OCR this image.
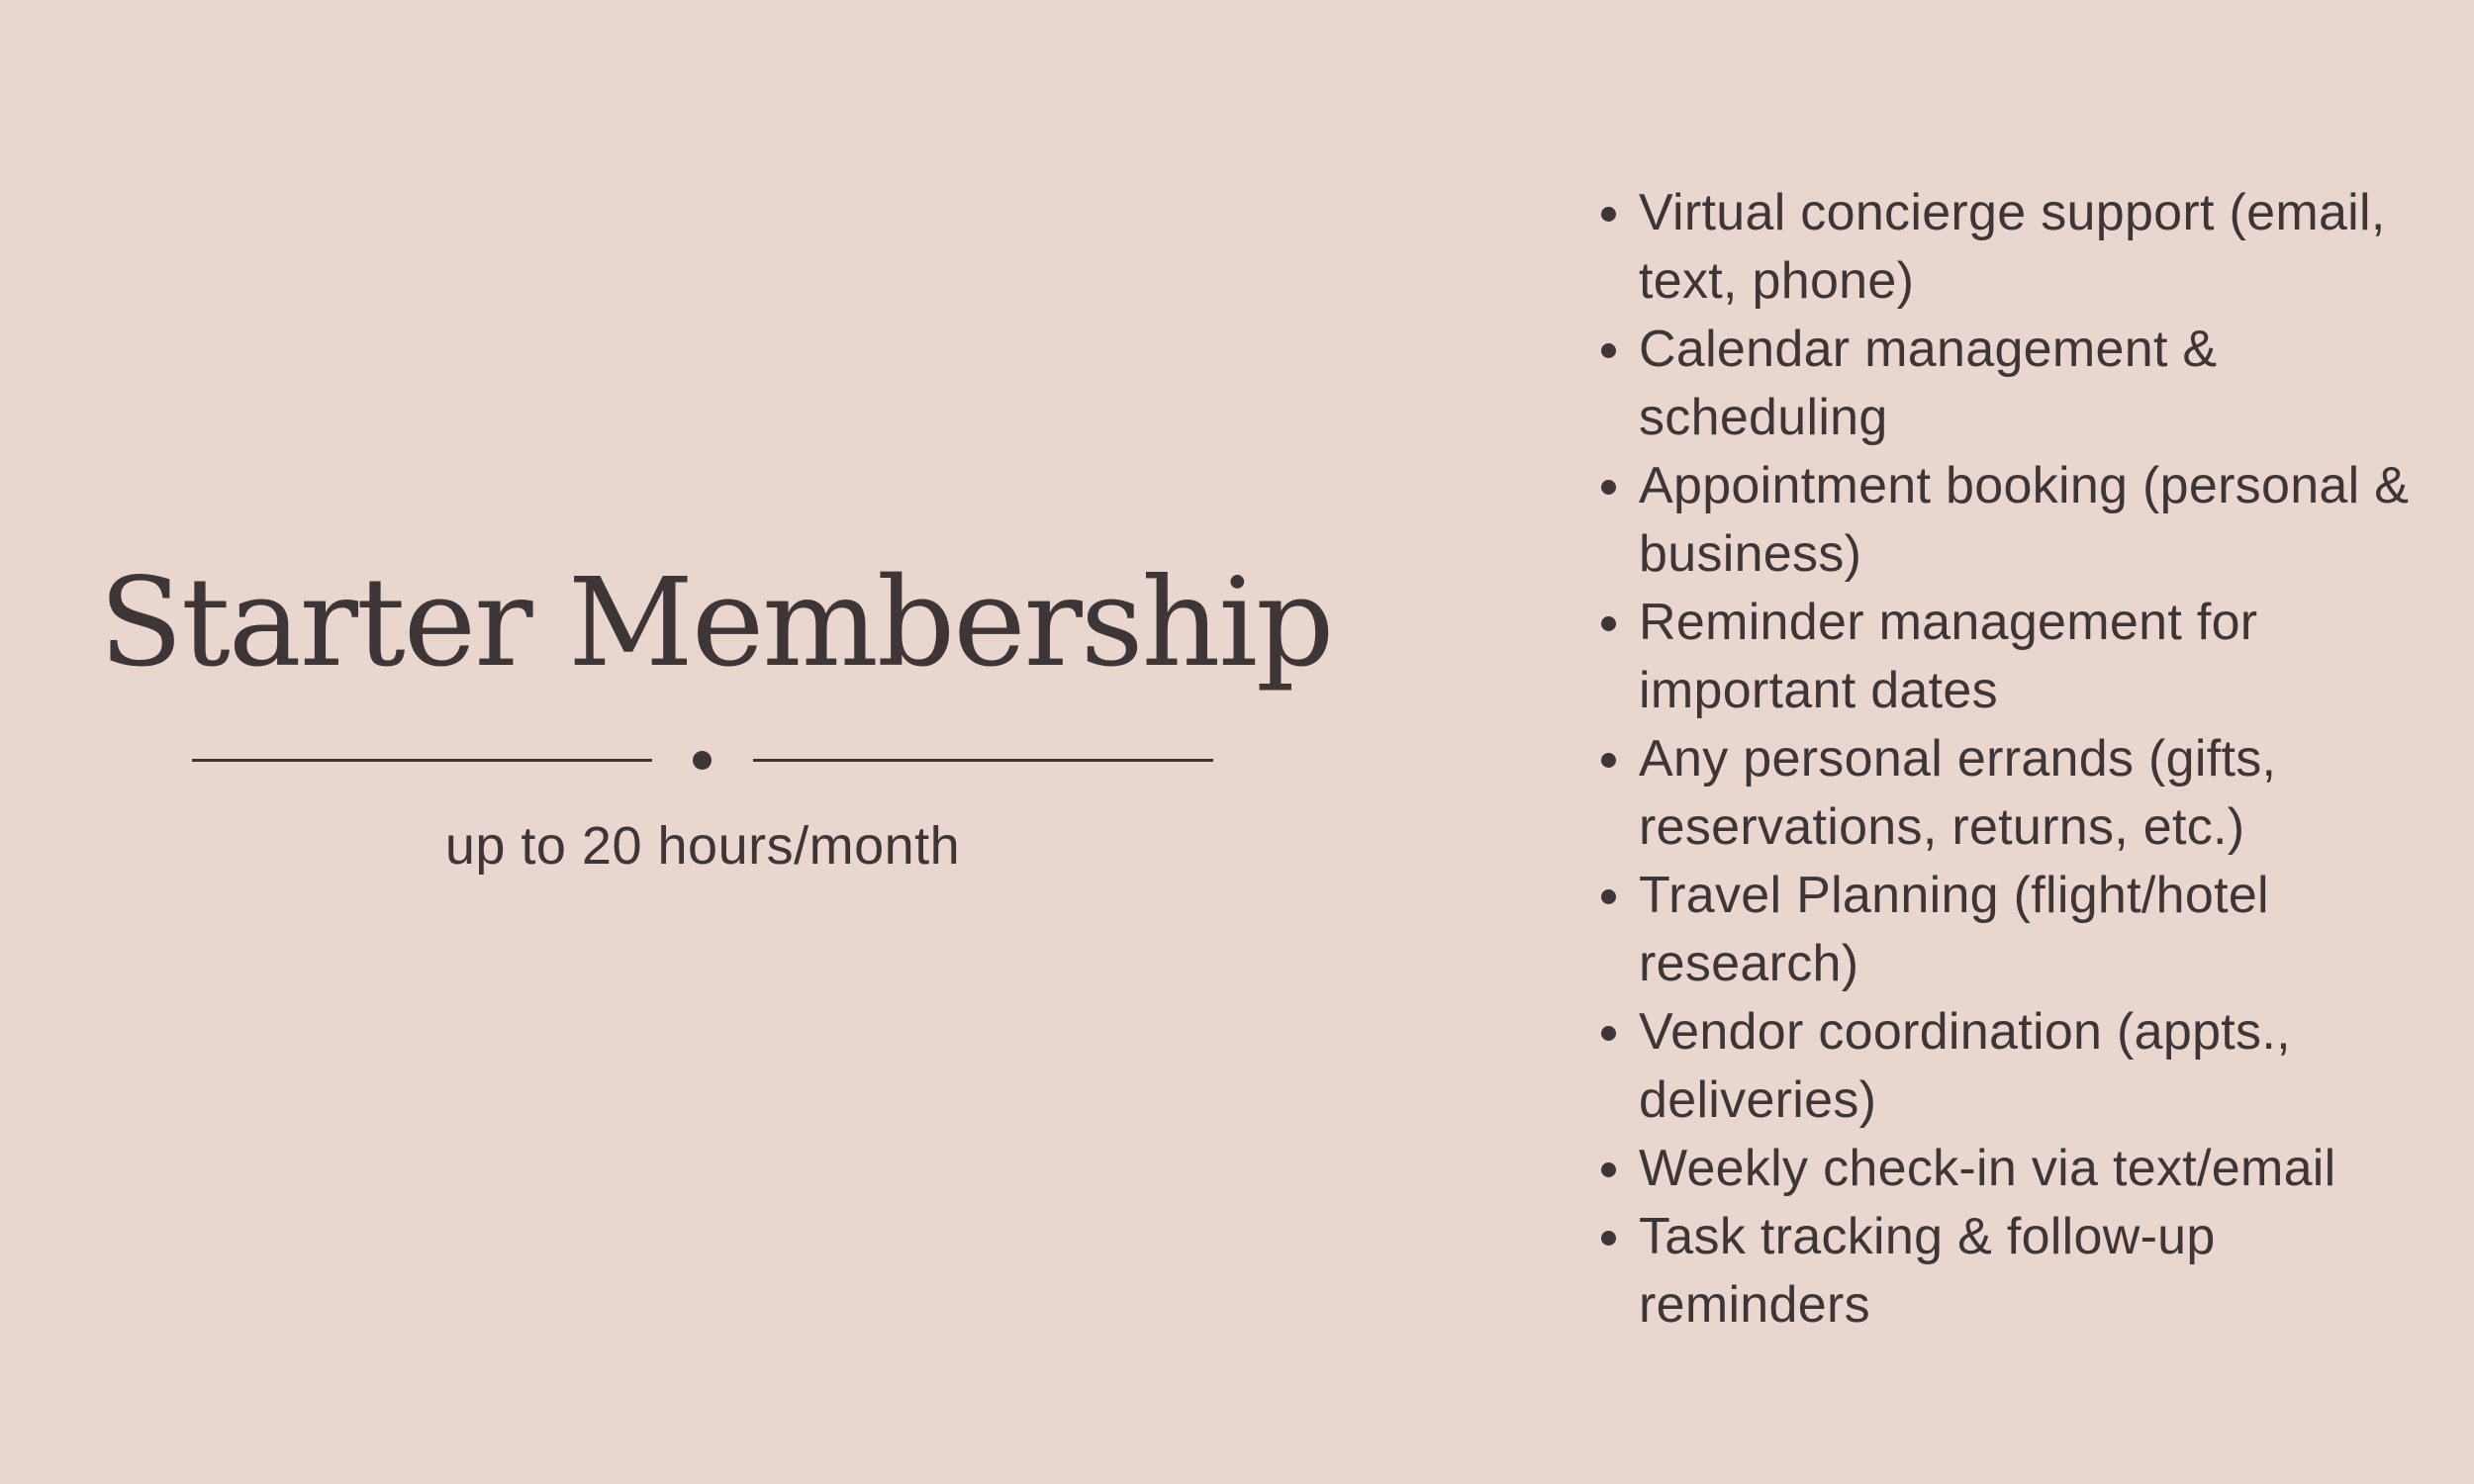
Starter Membership
up to 20 hours/month
Virtual concierge support (email, text, phone)
Calendar management & scheduling
Appointment booking (personal & business)
Reminder management for important dates
Any personal errands (gifts, reservations, returns, etc.)
Travel Planning (flight/hotel research)
Vendor coordination (appts., deliveries)
Weekly check-in via text/email
Task tracking & follow-up reminders
